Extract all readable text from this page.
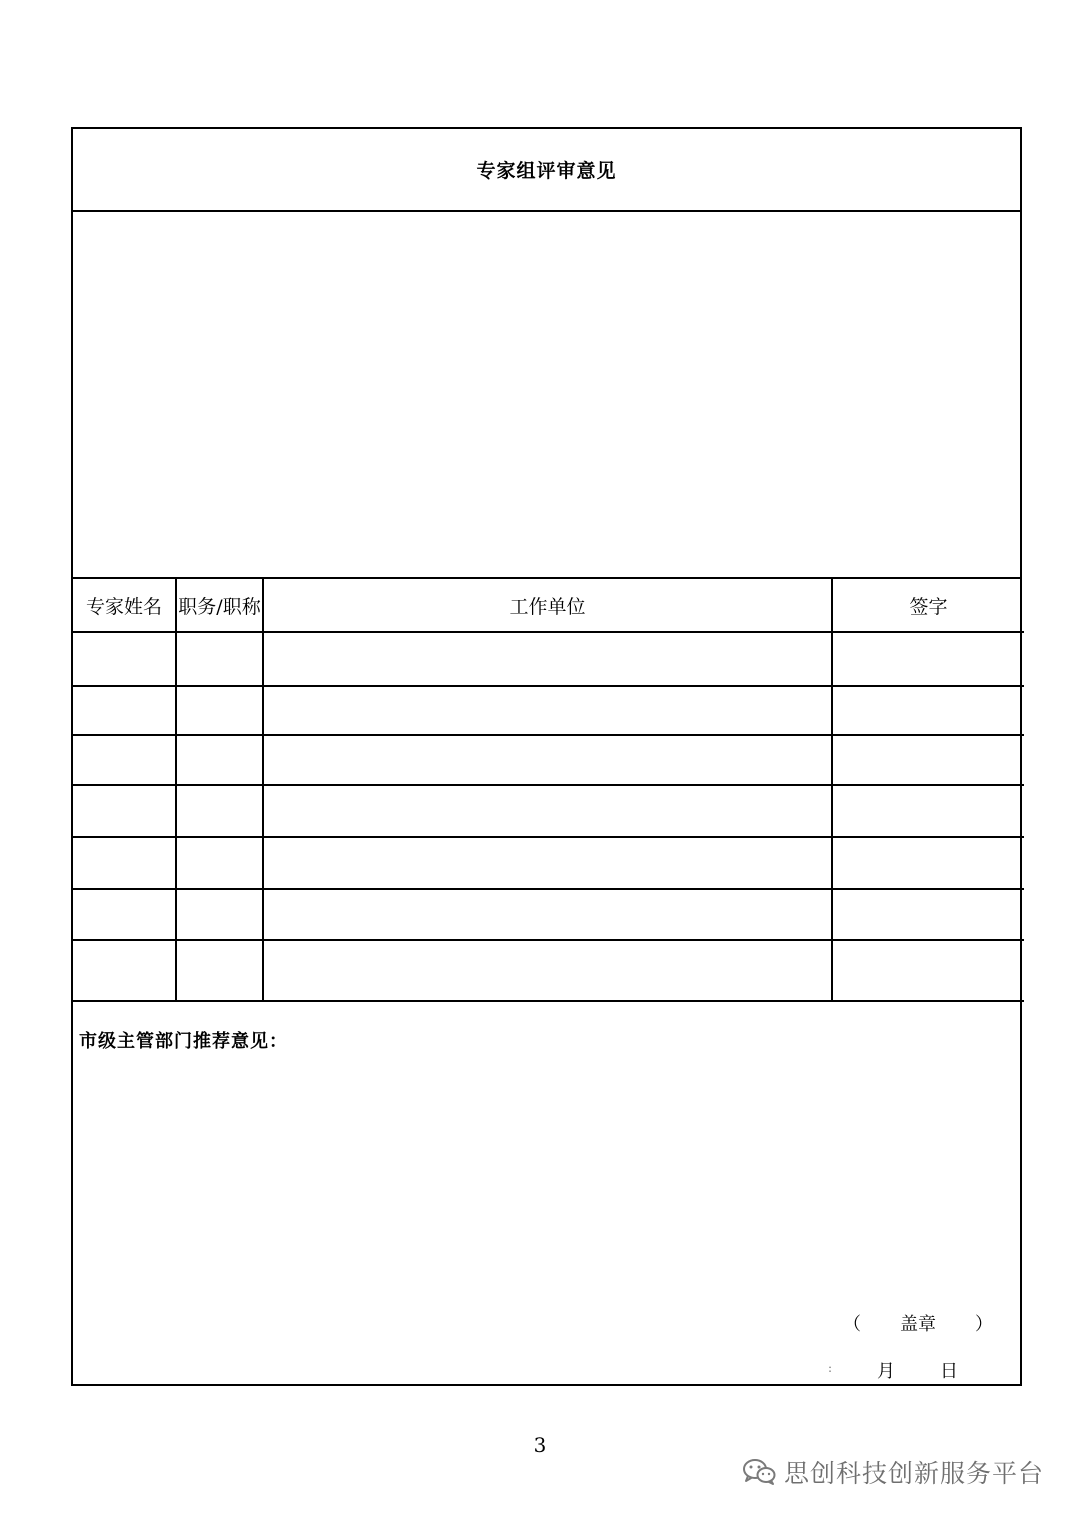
专家组评审意见
专家姓名	职务/职称	工作单位	签字

市级主管部门推荐意见：
（ 盖章 ）
: 月 日
3
思创科技创新服务平台
